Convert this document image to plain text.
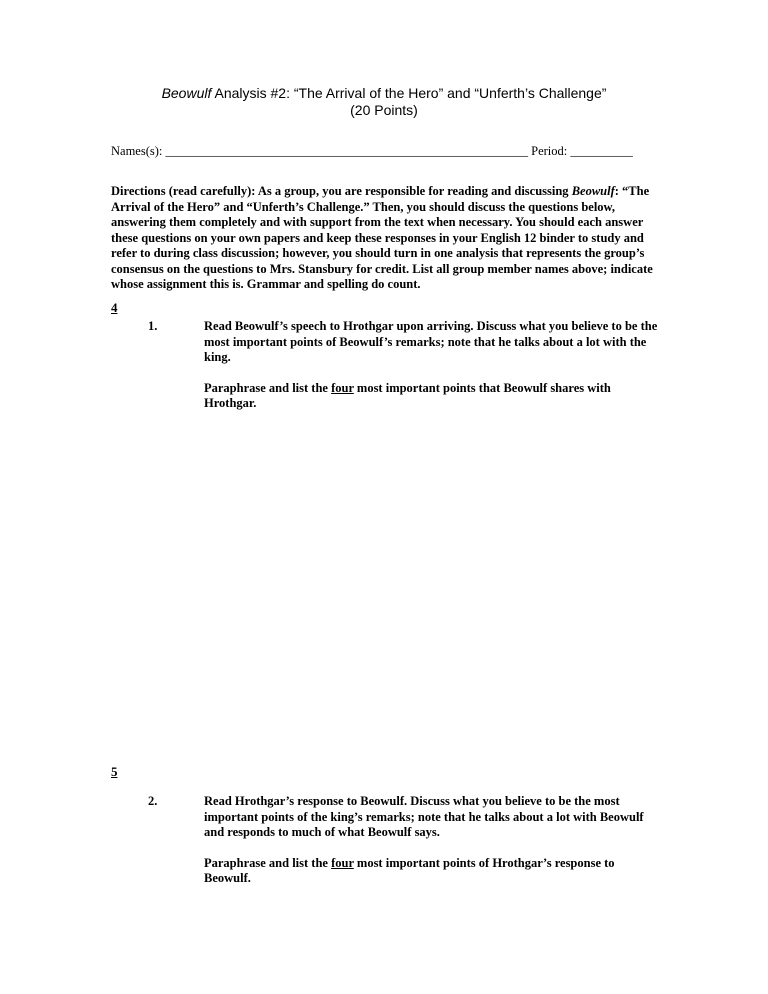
Beowulf Analysis #2: “The Arrival of the Hero” and “Unferth’s Challenge”
(20 Points)
Names(s): __________________________________________________________ Period: __________
Directions (read carefully): As a group, you are responsible for reading and discussing Beowulf: “The Arrival of the Hero” and “Unferth’s Challenge.” Then, you should discuss the questions below, answering them completely and with support from the text when necessary. You should each answer these questions on your own papers and keep these responses in your English 12 binder to study and refer to during class discussion; however, you should turn in one analysis that represents the group’s consensus on the questions to Mrs. Stansbury for credit. List all group member names above; indicate whose assignment this is. Grammar and spelling do count.
4
1.	Read Beowulf’s speech to Hrothgar upon arriving. Discuss what you believe to be the most important points of Beowulf’s remarks; note that he talks about a lot with the king.

Paraphrase and list the four most important points that Beowulf shares with Hrothgar.

5
2.	Read Hrothgar’s response to Beowulf. Discuss what you believe to be the most important points of the king’s remarks; note that he talks about a lot with Beowulf and responds to much of what Beowulf says.

Paraphrase and list the four most important points of Hrothgar’s response to Beowulf.
